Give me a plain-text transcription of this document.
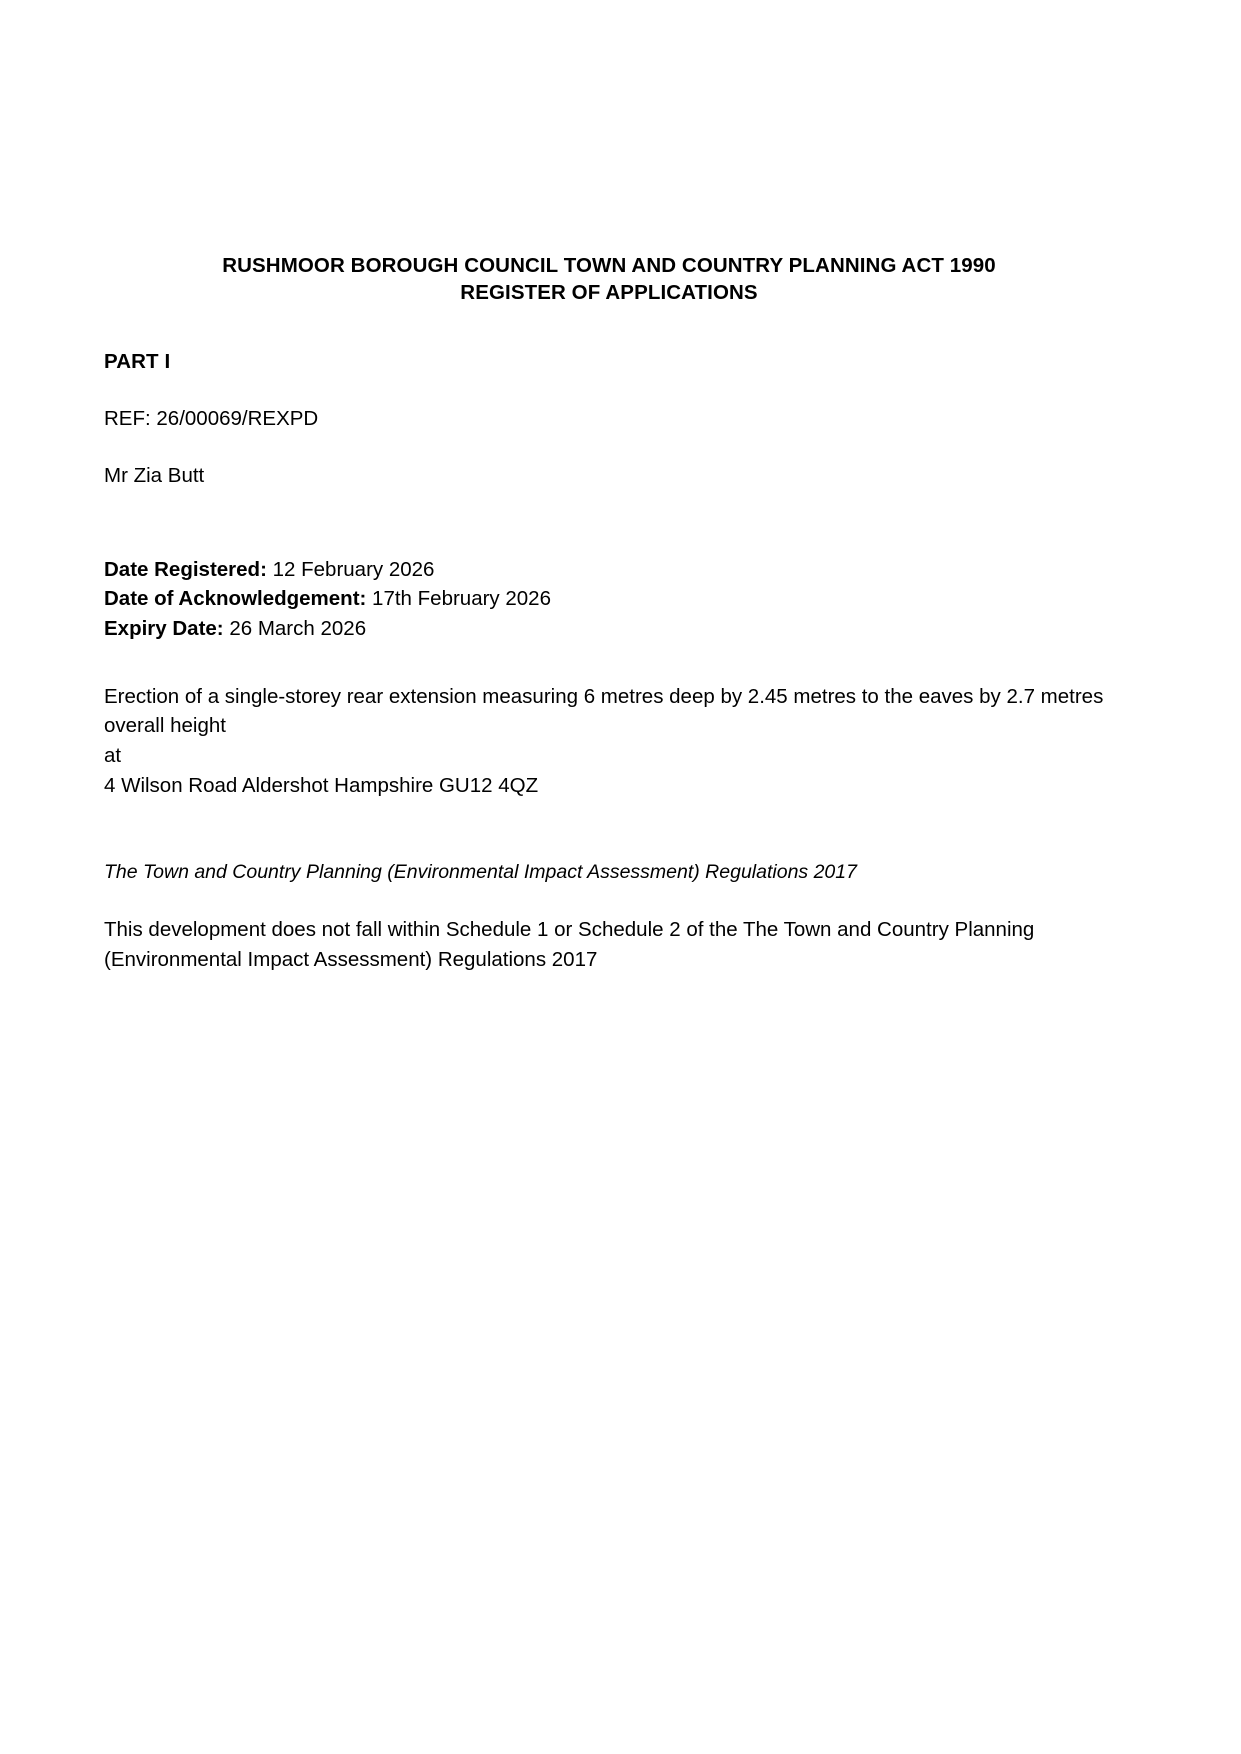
RUSHMOOR BOROUGH COUNCIL TOWN AND COUNTRY PLANNING ACT 1990
REGISTER OF APPLICATIONS
PART I
REF: 26/00069/REXPD
Mr Zia Butt
Date Registered: 12 February 2026
Date of Acknowledgement: 17th February 2026
Expiry Date: 26 March 2026
Erection of a single-storey rear extension measuring 6 metres deep by 2.45 metres to the eaves by 2.7 metres overall height
at
4 Wilson Road Aldershot Hampshire GU12 4QZ
The Town and Country Planning (Environmental Impact Assessment) Regulations 2017
This development does not fall within Schedule 1 or Schedule 2 of the The Town and Country Planning (Environmental Impact Assessment) Regulations 2017
